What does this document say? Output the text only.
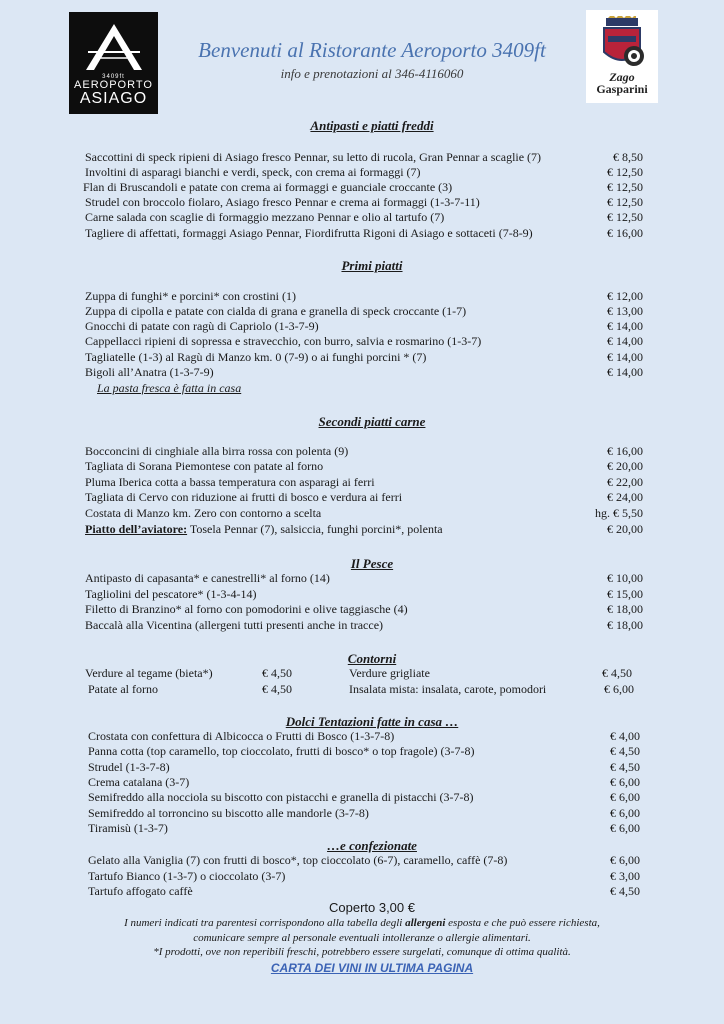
3409ft
AEROPORTO
ASIAGO
Benvenuti al Ristorante Aeroporto 3409ft
info e prenotazioni al 346-4116060	Zago
Gasparini
Antipasti e piatti freddi
Saccottini di speck ripieni di Asiago fresco Pennar, su letto di rucola, Gran Pennar a scaglie (7)	€ 8,50
Involtini di asparagi bianchi e verdi, speck, con crema ai formaggi (7)	€ 12,50
Flan di Bruscandoli e patate con crema ai formaggi e guanciale croccante (3)	€ 12,50
Strudel con broccolo fiolaro, Asiago fresco Pennar e crema ai formaggi (1-3-7-11)	€ 12,50
Carne salada con scaglie di formaggio mezzano Pennar e olio al tartufo (7)	€ 12,50
Tagliere di affettati, formaggi Asiago Pennar, Fiordifrutta Rigoni di Asiago e sottaceti (7-8-9)	€ 16,00
Primi piatti
Zuppa di funghi* e porcini* con crostini (1)	€ 12,00
Zuppa di cipolla e patate con cialda di grana e granella di speck croccante (1-7)	€ 13,00
Gnocchi di patate con ragù di Capriolo (1-3-7-9)	€ 14,00
Cappellacci ripieni di sopressa e stravecchio, con burro, salvia e rosmarino (1-3-7)	€ 14,00
Tagliatelle (1-3) al Ragù di Manzo km. 0 (7-9) o ai funghi porcini * (7)	€ 14,00
Bigoli all’Anatra (1-3-7-9)	€ 14,00
La pasta fresca è fatta in casa
Secondi piatti carne
Bocconcini di cinghiale alla birra rossa con polenta (9)	€ 16,00
Tagliata di Sorana Piemontese con patate al forno	€ 20,00
Pluma Iberica cotta a bassa temperatura con asparagi ai ferri	€ 22,00
Tagliata di Cervo con riduzione ai frutti di bosco e verdura ai ferri	€ 24,00
Costata di Manzo km. Zero con contorno a scelta	hg. € 5,50
Piatto dell’aviatore: Tosela Pennar (7), salsiccia, funghi porcini*, polenta	€ 20,00
Il Pesce
Antipasto di capasanta* e canestrelli* al forno (14)	€ 10,00
Tagliolini del pescatore* (1-3-4-14)	€ 15,00
Filetto di Branzino* al forno con pomodorini e olive taggiasche (4)	€ 18,00
Baccalà alla Vicentina (allergeni tutti presenti anche in tracce)	€ 18,00
Contorni
Verdure al tegame (bieta*)	€ 4,50	Verdure grigliate	€ 4,50
Patate al forno	€ 4,50	Insalata mista: insalata, carote, pomodori	€ 6,00
Dolci Tentazioni fatte in casa …
Crostata con confettura di Albicocca o Frutti di Bosco (1-3-7-8)	€ 4,00
Panna cotta (top caramello, top cioccolato, frutti di bosco* o top fragole) (3-7-8)	€ 4,50
Strudel (1-3-7-8)	€ 4,50
Crema catalana (3-7)	€ 6,00
Semifreddo alla nocciola su biscotto con pistacchi e granella di pistacchi (3-7-8)	€ 6,00
Semifreddo al torroncino su biscotto alle mandorle (3-7-8)	€ 6,00
Tiramisù (1-3-7)	€ 6,00
…e confezionate
Gelato alla Vaniglia (7) con frutti di bosco*, top cioccolato (6-7), caramello, caffè (7-8)	€ 6,00
Tartufo Bianco (1-3-7) o cioccolato (3-7)	€ 3,00
Tartufo affogato caffè	€ 4,50
Coperto 3,00 €
I numeri indicati tra parentesi corrispondono alla tabella degli allergeni esposta e che può essere richiesta,
comunicare sempre al personale eventuali intolleranze o allergie alimentari.
*I prodotti, ove non reperibili freschi, potrebbero essere surgelati, comunque di ottima qualità.
CARTA DEI VINI IN ULTIMA PAGINA
